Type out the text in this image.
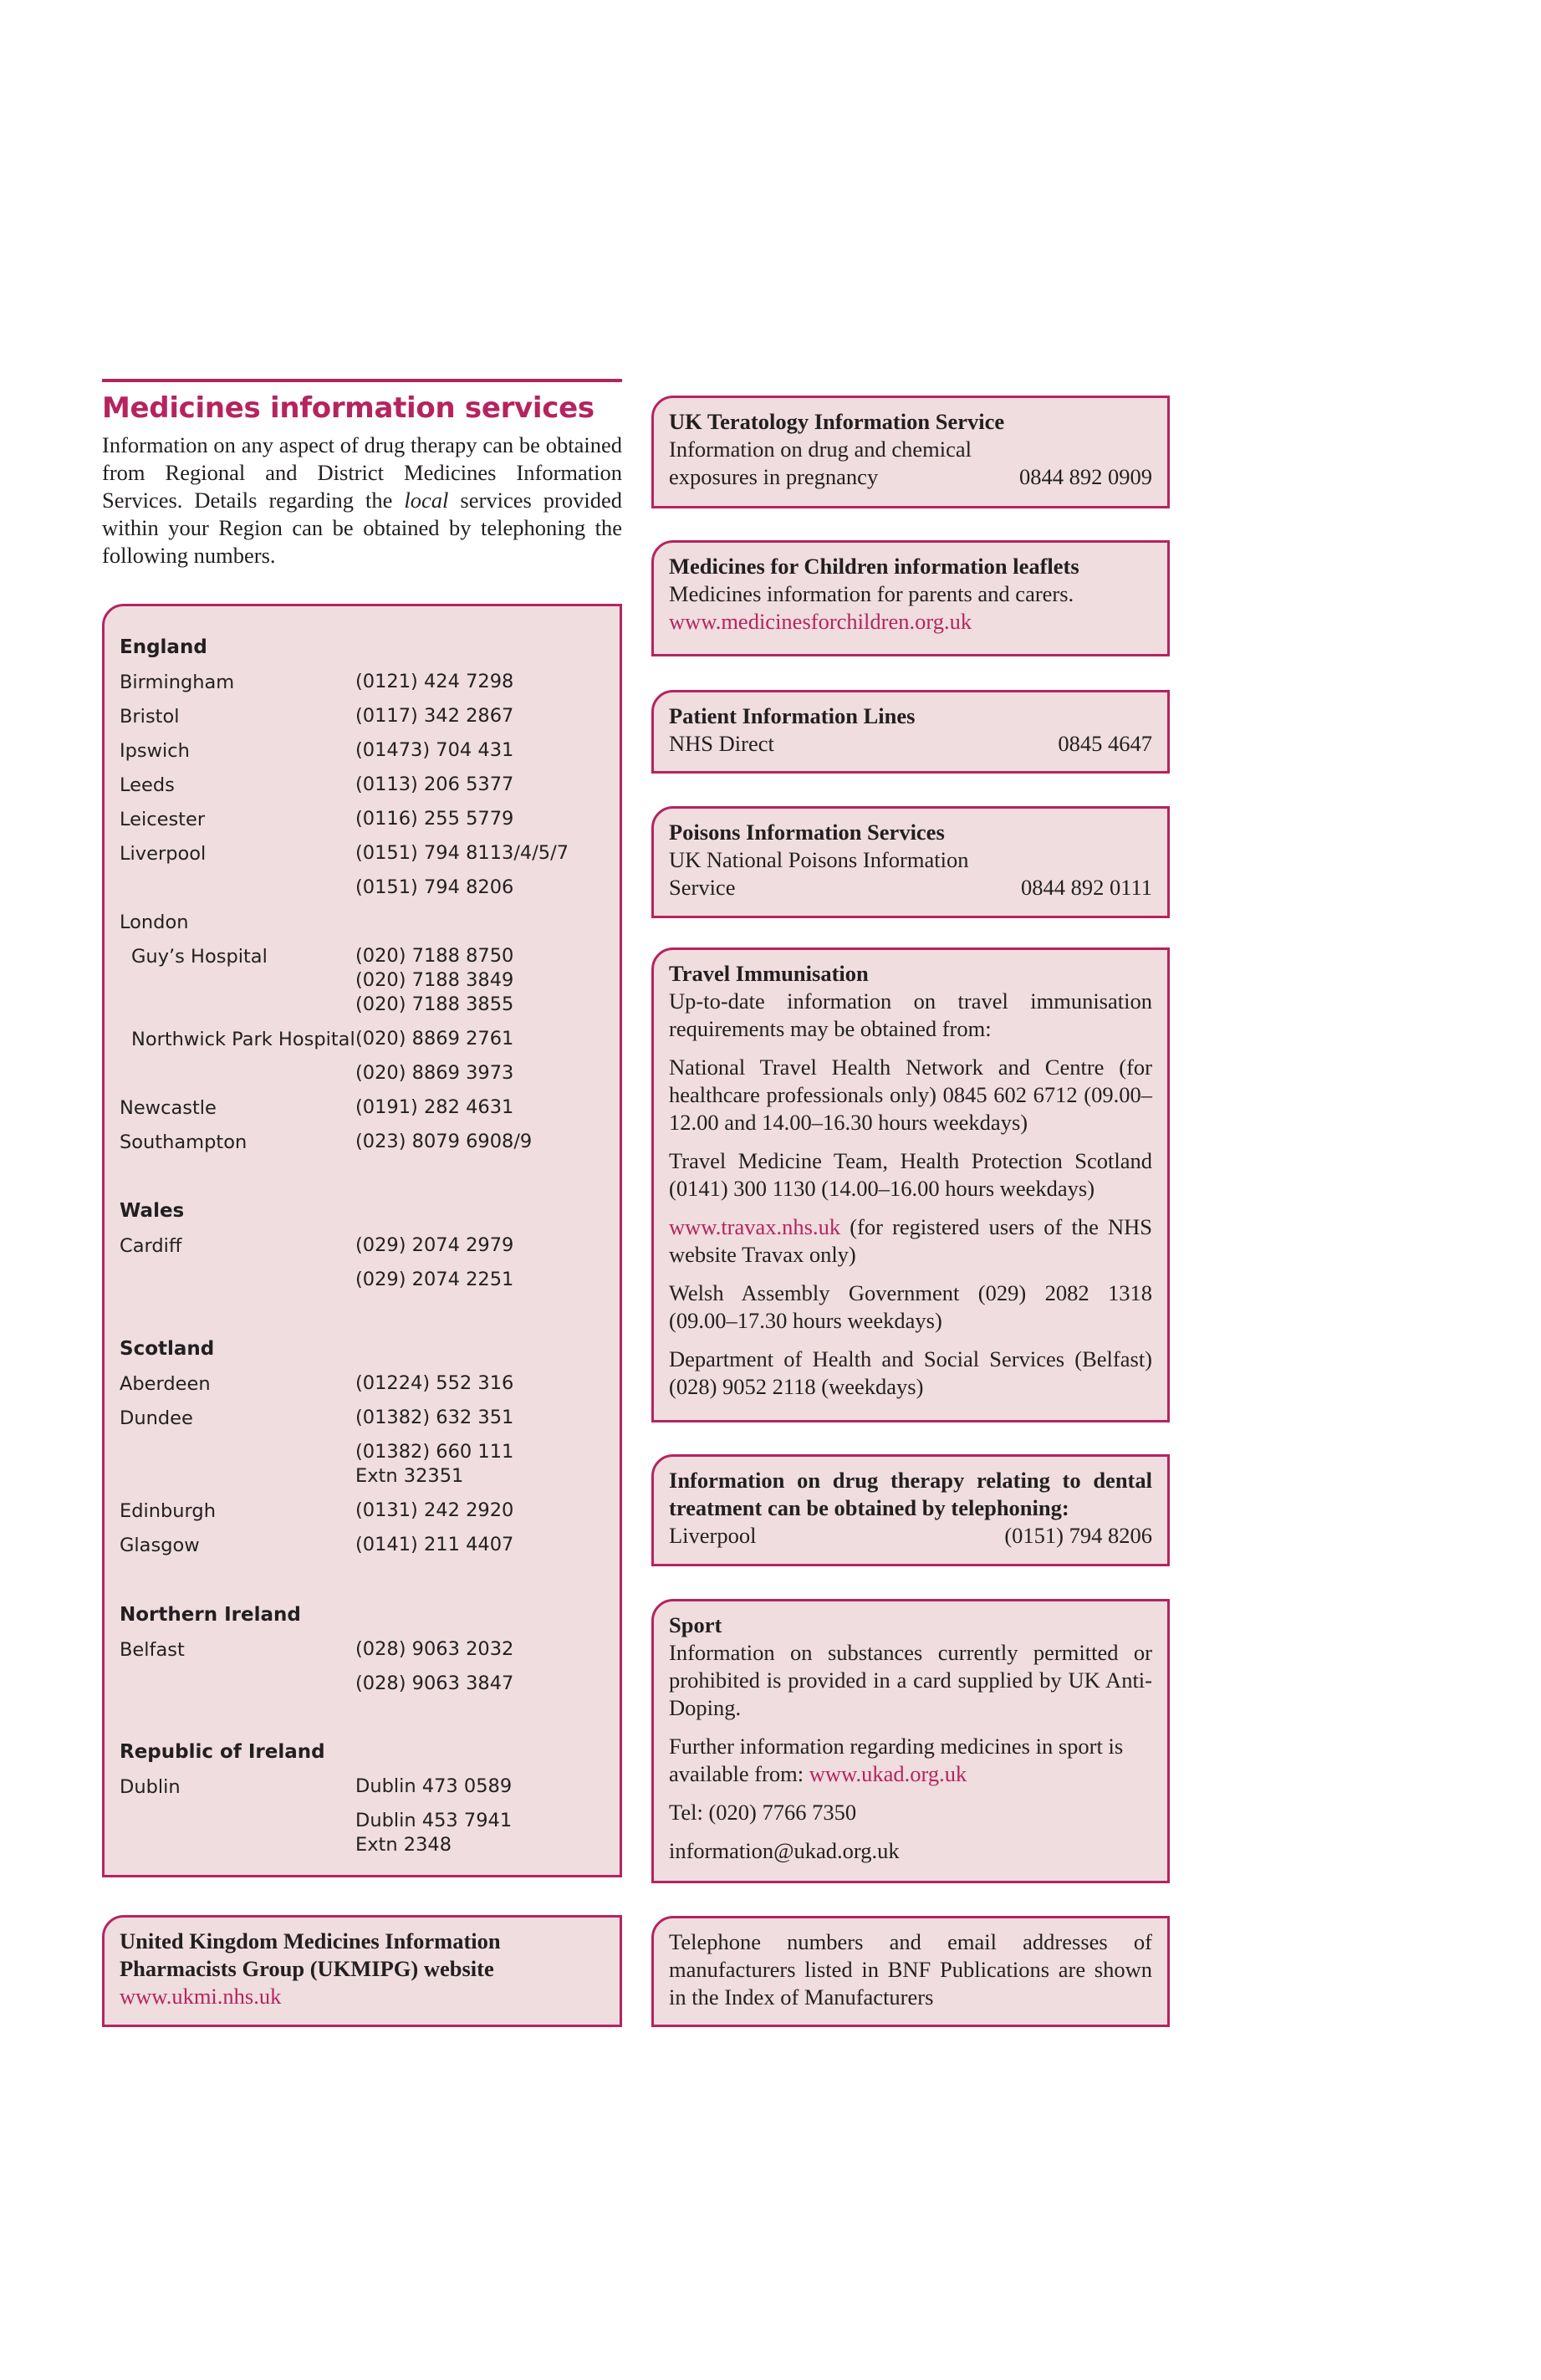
Medicines information services

Information on any aspect of drug therapy can be obtained from Regional and District Medicines Information Services. Details regarding the local services provided within your Region can be obtained by telephoning the following numbers.

England
Birmingham	(0121) 424 7298
Bristol	(0117) 342 2867
Ipswich	(01473) 704 431
Leeds	(0113) 206 5377
Leicester	(0116) 255 5779
Liverpool	(0151) 794 8113/4/5/7
(0151) 794 8206
London
Guy’s Hospital	(020) 7188 8750
(020) 7188 3849
(020) 7188 3855
Northwick Park Hospital (020) 8869 2761
(020) 8869 3973
Newcastle	(0191) 282 4631
Southampton	(023) 8079 6908/9
Wales
Cardiff	(029) 2074 2979
(029) 2074 2251
Scotland
Aberdeen	(01224) 552 316
Dundee	(01382) 632 351
(01382) 660 111
Extn 32351
Edinburgh	(0131) 242 2920
Glasgow	(0141) 211 4407
Northern Ireland
Belfast	(028) 9063 2032
(028) 9063 3847
Republic of Ireland
Dublin	Dublin 473 0589
Dublin 453 7941
Extn 2348
United Kingdom Medicines Information Pharmacists Group (UKMIPG) website
www.ukmi.nhs.uk
UK Teratology Information Service
Information on drug and chemical
exposures in pregnancy	0844 892 0909
Medicines for Children information leaflets
Medicines information for parents and carers.
www.medicinesforchildren.org.uk
Patient Information Lines
NHS Direct	0845 4647
Poisons Information Services
UK National Poisons Information
Service	0844 892 0111
Travel Immunisation

Up-to-date information on travel immunisation requirements may be obtained from:

National Travel Health Network and Centre (for healthcare professionals only) 0845 602 6712 (09.00–12.00 and 14.00–16.30 hours weekdays)

Travel Medicine Team, Health Protection Scotland (0141) 300 1130 (14.00–16.00 hours weekdays)

www.travax.nhs.uk (for registered users of the NHS website Travax only)

Welsh Assembly Government (029) 2082 1318 (09.00–17.30 hours weekdays)

Department of Health and Social Services (Belfast) (028) 9052 2118 (weekdays)

Information on drug therapy relating to dental treatment can be obtained by telephoning:
Liverpool	(0151) 794 8206
Sport

Information on substances currently permitted or prohibited is provided in a card supplied by UK Anti-Doping.

Further information regarding medicines in sport is available from: www.ukad.org.uk

Tel: (020) 7766 7350

information@ukad.org.uk

Telephone numbers and email addresses of manufacturers listed in BNF Publications are shown in the Index of Manufacturers
